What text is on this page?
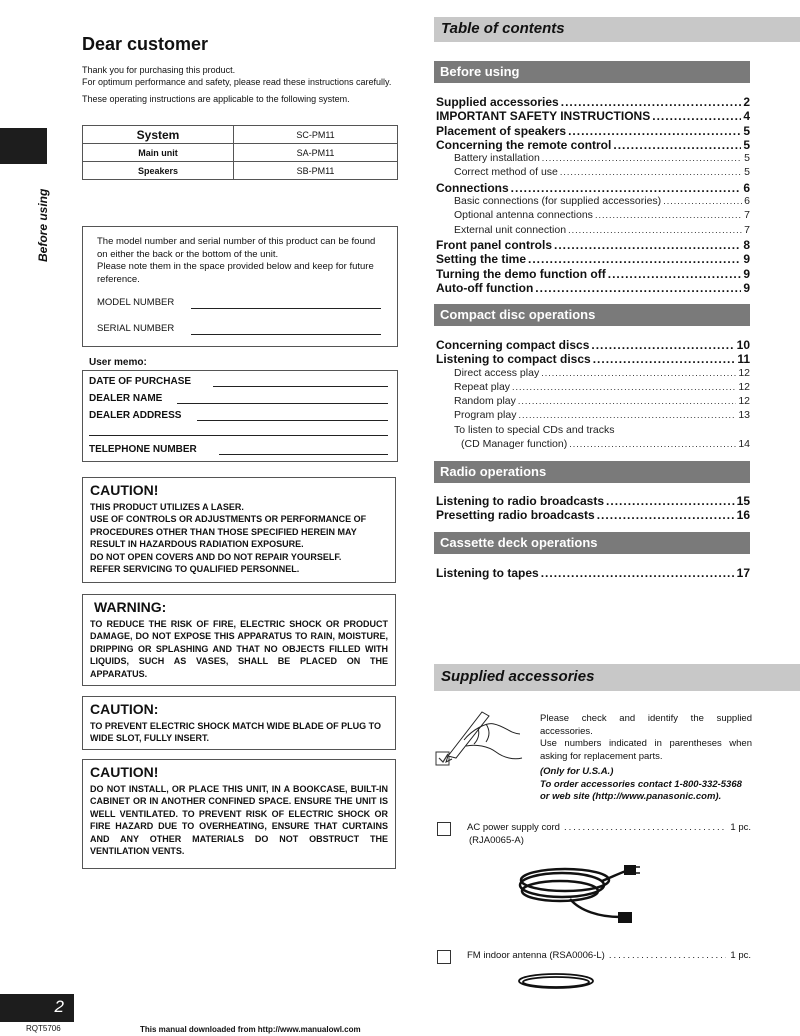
Before using
2
RQT5706	This manual downloaded from http://www.manualowl.com
Dear customer

Thank you for purchasing this product.
For optimum performance and safety, please read these instructions carefully.

These operating instructions are applicable to the following system.

System	SC-PM11
Main unit	SA-PM11
Speakers	SB-PM11
The model number and serial number of this product can be found on either the back or the bottom of the unit.
Please note them in the space provided below and keep for future reference.
MODEL NUMBER
SERIAL NUMBER
User memo:
DATE OF PURCHASE
DEALER NAME
DEALER ADDRESS
TELEPHONE NUMBER
CAUTION!

THIS PRODUCT UTILIZES A LASER.
USE OF CONTROLS OR ADJUSTMENTS OR PERFORMANCE OF PROCEDURES OTHER THAN THOSE SPECIFIED HEREIN MAY RESULT IN HAZARDOUS RADIATION EXPOSURE.
DO NOT OPEN COVERS AND DO NOT REPAIR YOURSELF.
REFER SERVICING TO QUALIFIED PERSONNEL.

WARNING:

TO REDUCE THE RISK OF FIRE, ELECTRIC SHOCK OR PRODUCT DAMAGE, DO NOT EXPOSE THIS APPARATUS TO RAIN, MOISTURE, DRIPPING OR SPLASHING AND THAT NO OBJECTS FILLED WITH LIQUIDS, SUCH AS VASES, SHALL BE PLACED ON THE APPARATUS.

CAUTION:

TO PREVENT ELECTRIC SHOCK MATCH WIDE BLADE OF PLUG TO WIDE SLOT, FULLY INSERT.

CAUTION!

DO NOT INSTALL, OR PLACE THIS UNIT, IN A BOOKCASE, BUILT-IN CABINET OR IN ANOTHER CONFINED SPACE. ENSURE THE UNIT IS WELL VENTILATED. TO PREVENT RISK OF ELECTRIC SHOCK OR FIRE HAZARD DUE TO OVERHEATING, ENSURE THAT CURTAINS AND ANY OTHER MATERIALS DO NOT OBSTRUCT THE VENTILATION VENTS.

Table of contents
Before using
Supplied accessories .....	2
IMPORTANT SAFETY INSTRUCTIONS .....	4
Placement of speakers .....	5
Concerning the remote control .....	5
Battery installation .....	5
Correct method of use .....	5
Connections .....	6
Basic connections (for supplied accessories) .....	6
Optional antenna connections .....	7
External unit connection .....	7
Front panel controls .....	8
Setting the time .....	9
Turning the demo function off .....	9
Auto-off function .....	9
Compact disc operations
Concerning compact discs .....	10
Listening to compact discs .....	11
Direct access play .....	12
Repeat play .....	12
Random play .....	12
Program play .....	13
To listen to special CDs and tracks
(CD Manager function) .....	14
Radio operations
Listening to radio broadcasts .....	15
Presetting radio broadcasts .....	16
Cassette deck operations
Listening to tapes .....	17
Supplied accessories

Please check and identify the supplied accessories.
Use numbers indicated in parentheses when asking for replacement parts.

(Only for U.S.A.)
To order accessories contact 1-800-332-5368 or web site (http://www.panasonic.com).

AC power supply cord .....	1 pc.
(RJA0065-A)
FM indoor antenna (RSA0006-L) .....	1 pc.
